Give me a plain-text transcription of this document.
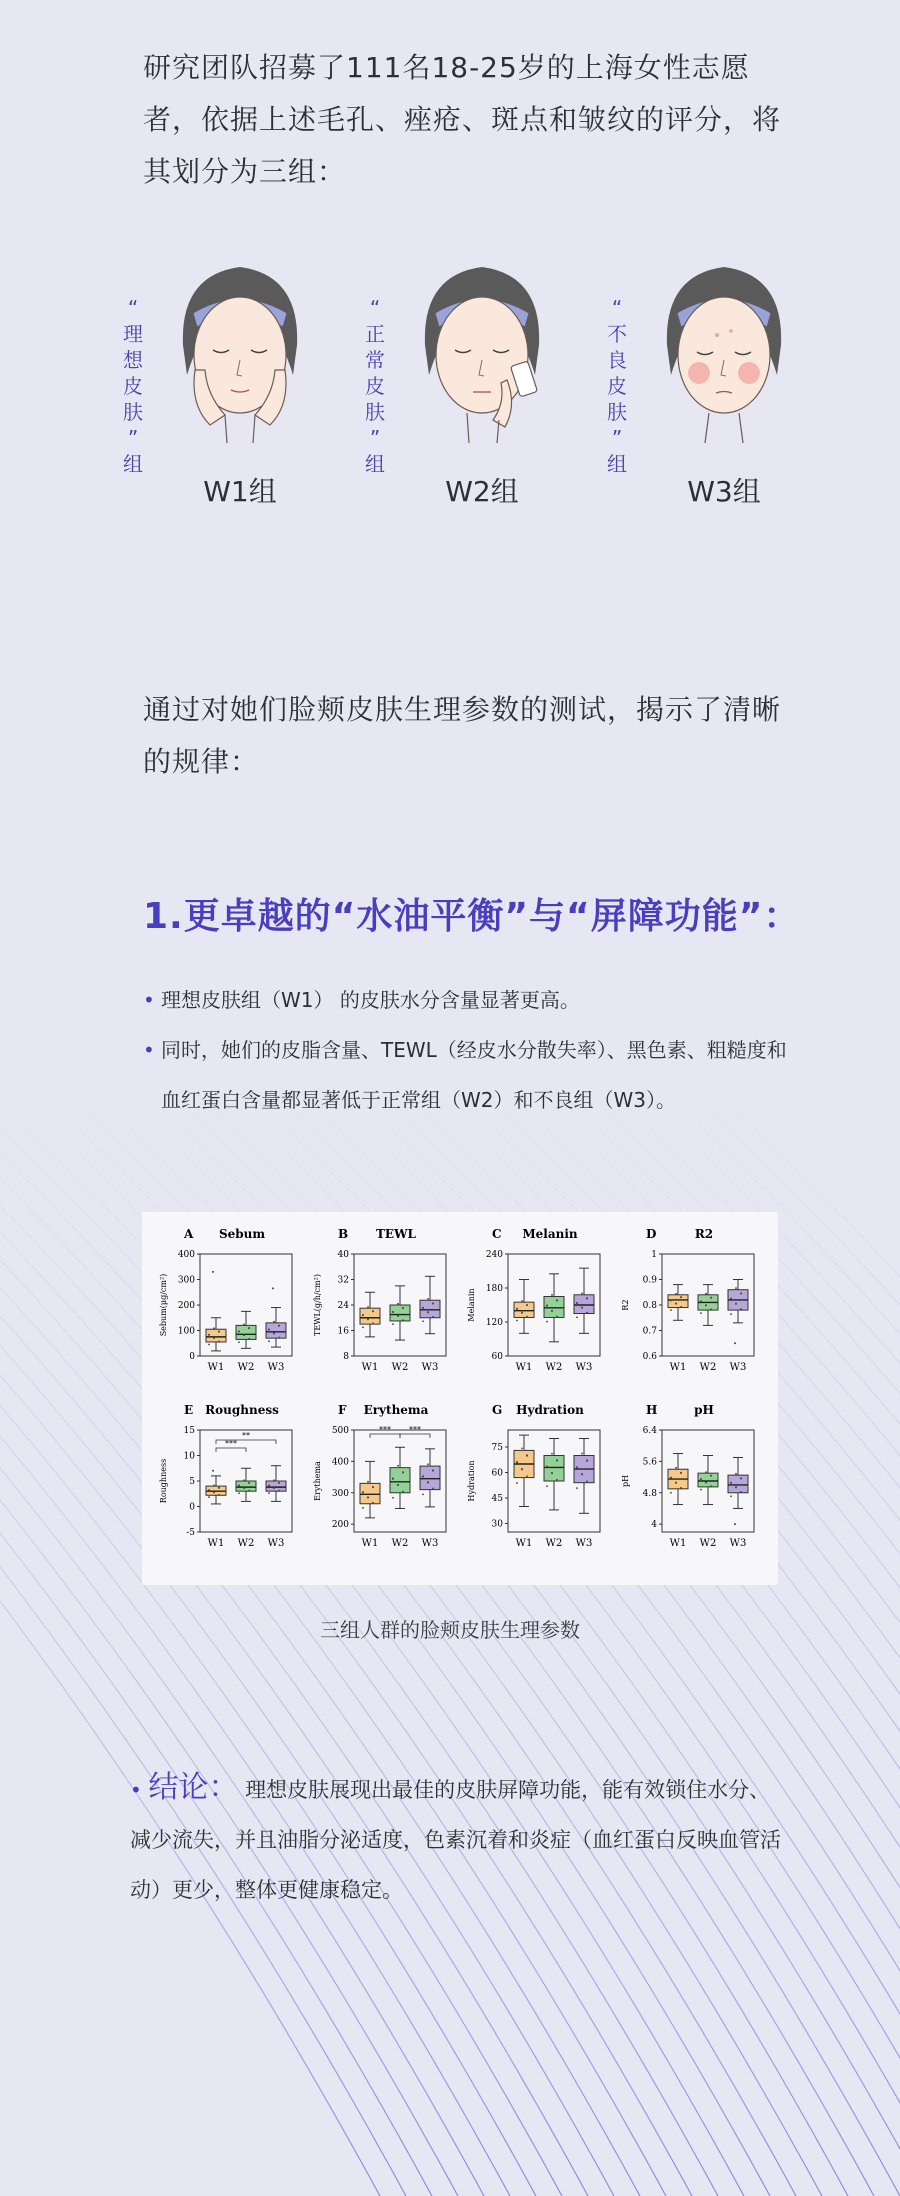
研究团队招募了111名18-25岁的上海女性志愿者，依据上述毛孔、痤疮、斑点和皱纹的评分，将其划分为三组：

“
理
想
皮
肤
”
组
W1组
“
正
常
皮
肤
”
组
W2组
“
不
良
皮
肤
”
组
W3组

通过对她们脸颊皮肤生理参数的测试，揭示了清晰的规律：

1.更卓越的“水油平衡”与“屏障功能”：
• 理想皮肤组（W1） 的皮肤水分含量显著更高。
• 同时，她们的皮脂含量、TEWL（经皮水分散失率）、黑色素、粗糙度和血红蛋白含量都显著低于正常组（W2）和不良组（W3）。
A Sebum
0
100
200
300
400
Sebum(μg/cm²)
W1 W2 W3
B TEWL
8
16
24
32
40
TEWL(g/h/cm²)
W1 W2 W3
C Melanin
60
120
180
240
Melanin
W1 W2 W3
D	R2
0.6
0.7
0.8
0.9
1
R2
W1 W2 W3
E Roughness
-5
0
5
10
15
Roughness
W1 W2 W3
***
**
F Erythema
200
300
400
500
Erythema
W1 W2 W3
*** ***
G Hydration
30
45
60
75
Hydration
W1 W2 W3
H	pH
4
4.8
5.6
6.4
pH
W1 W2 W3

三组人群的脸颊皮肤生理参数

• 结论： 理想皮肤展现出最佳的皮肤屏障功能，能有效锁住水分、减少流失，并且油脂分泌适度，色素沉着和炎症（血红蛋白反映血管活动）更少，整体更健康稳定。
